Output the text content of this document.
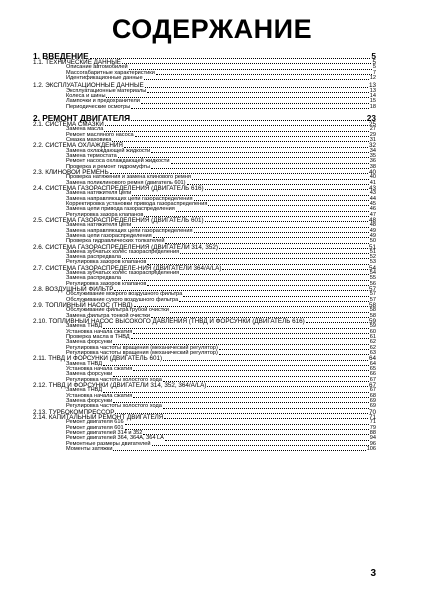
СОДЕРЖАНИЕ
1. ВВЕДЕНИЕ	5
1.1. ТЕХНИЧЕСКИЕ ДАННЫЕ	5
Описание автомобилей	5
Массогабаритные характеристики	7
Идентификационные данные	12
1.2. ЭКСПЛУАТАЦИОННЫЕ ДАННЫЕ	13
Эксплуатационные материалы	13
Колеса и шины	14
Лампочки и предохранители	15
Периодические осмотры	18
2. РЕМОНТ ДВИГАТЕЛЯ	23
2.1. СИСТЕМА СМАЗКИ	25
Замена масла	27
Ремонт масляного насоса	29
Смазка маховика	31
2.2. СИСТЕМА ОХЛАЖДЕНИЯ	32
Замена охлаждающей жидкости	34
Замена термостата	35
Ремонт насоса охлаждающей жидкости	36
Проверка и ремонт гидромуфты	38
2.3. КЛИНОВОЙ РЕМЕНЬ	40
Проверка натяжения и замена клинового ремня	40
Замена поликлинового ремня (двигатель 601)	41
2.4. СИСТЕМА ГАЗОРАСПРЕДЕЛЕНИЯ (ДВИГАТЕЛЬ 616)	43
Замена натяжителя цепи	43
Замена направляющих цепи газораспределения	44
Корректировка установки привода газораспределения	45
Замена цепи привода газораспределения	46
Регулировка зазора клапанов	47
2.5. СИСТЕМА ГАЗОРАСПРЕДЕЛЕНИЯ (ДВИГАТЕЛЬ 601)	48
Замена натяжителя цепи	48
Замена направляющих цепи газораспределения	49
Замена цепи газораспределения	49
Проверка гидравлических толкателей	50
2.6. СИСТЕМА ГАЗОРАСПРЕДЕЛЕНИЯ (ДВИГАТЕЛИ 314, 352)	51
Замена зубчатых колес газораспределения	51
Замена распредвала	52
Регулировка зазоров клапанов	53
2.7. СИСТЕМА ГАЗОРАСПРЕДЕЛЕ-НИЯ (ДВИГАТЕЛИ 364/A/LA)	54
Замена зубчатых колес газораспределения	54
Замена распредвала	55
Регулировка зазоров клапанов	56
2.8. ВОЗДУШНЫЙ ФИЛЬТР	57
Обслуживание мокрого воздушного фильтра	57
Обслуживание сухого воздушного фильтра	57
2.9. ТОПЛИВНЫЙ НАСОС (ТНВД)	58
Обслуживание фильтра грубой очистки	58
Замена фильтра тонкой очистки	58
2.10. ТОПЛИВНЫЙ НАСОС ВЫСОКОГО ДАВЛЕНИЯ (ТНВД И ФОРСУНКИ (ДВИГАТЕЛЬ 616)	59
Замена ТНВД	59
Установка начала сжатия	60
Проверка масла в ТНВД	61
Замена форсунки	62
Регулировка частоты вращения (механический регулятор)	62
Регулировка частоты вращения (механический регулятор)	63
2.11. ТНВД И ФОРСУНКИ (ДВИГАТЕЛЬ 601)	64
Замена ТНВД	64
Установка начала сжатия	65
Замена форсунки	66
Регулировка частоты холостого хода	67
2.12. ТНВД И ФОРСУНКИ (ДВИГАТЕЛИ 314, 352, 364/A/LA)	67
Замена ТНВД	67
Установка начала сжатия	68
Замена форсунки	69
Регулировка частоты холостого хода	69
2.13. ТУРБОКОМПРЕССОР	70
2.14. КАПИТАЛЬНЫЙ РЕМОНТ ДВИГАТЕЛЯ	71
Ремонт двигателя 616	71
Ремонт двигателя 601	79
Ремонт двигателей 314 и 352	88
Ремонт двигателей 364, 364А, 364 LA	94
Ремонтные размеры двигателей	96
Моменты затяжки	106
3
